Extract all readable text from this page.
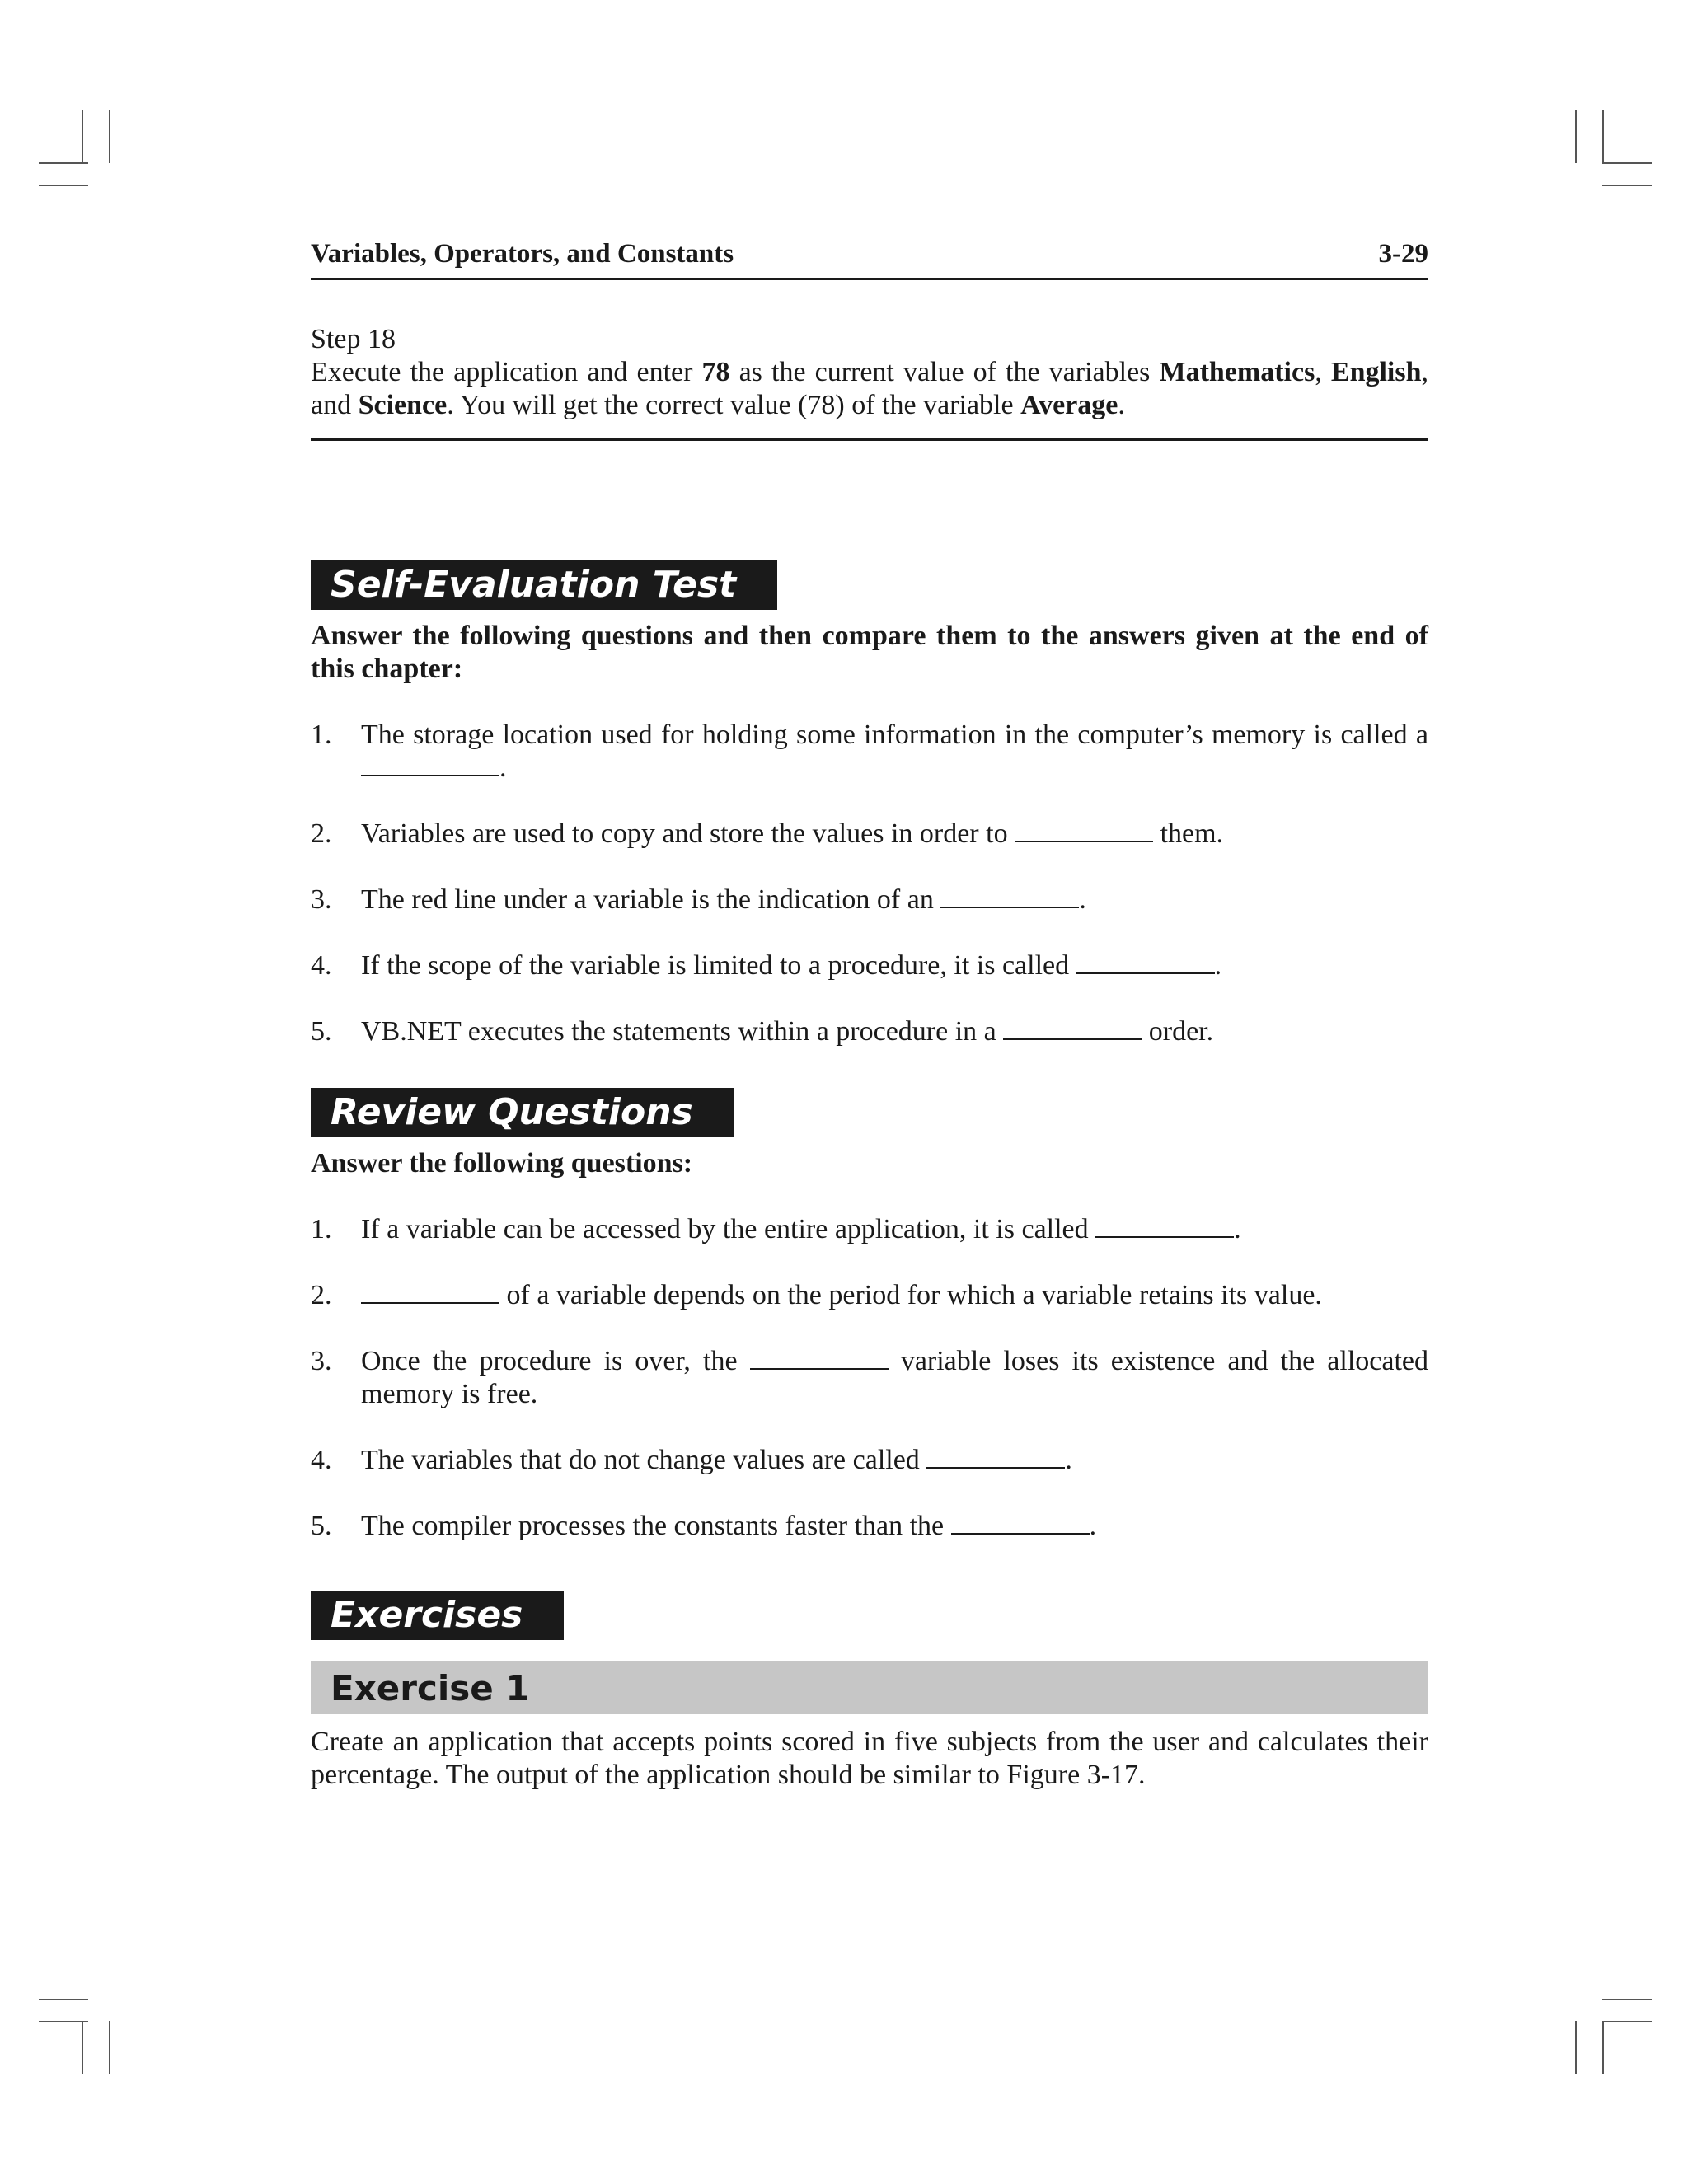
Variables, Operators, and Constants	3-29

Step 18

Execute the application and enter 78 as the current value of the variables Mathematics, English, and Science. You will get the correct value (78) of the variable Average.

Self-Evaluation Test
Answer the following questions and then compare them to the answers given at the end of this chapter:
1.	The storage location used for holding some information in the computer’s memory is called a .
2.	Variables are used to copy and store the values in order to	them.
3.	The red line under a variable is the indication of an	.
4.	If the scope of the variable is limited to a procedure, it is called	.
5.	VB.NET executes the statements within a procedure in a	order.
Review Questions
Answer the following questions:
1.	If a variable can be accessed by the entire application, it is called	.
2.	of a variable depends on the period for which a variable retains its value.
3.	Once the procedure is over, the	variable loses its existence and the allocated memory is free.
4.	The variables that do not change values are called	.
5.	The compiler processes the constants faster than the	.
Exercises
Exercise 1
Create an application that accepts points scored in five subjects from the user and calculates their percentage. The output of the application should be similar to Figure 3-17.
